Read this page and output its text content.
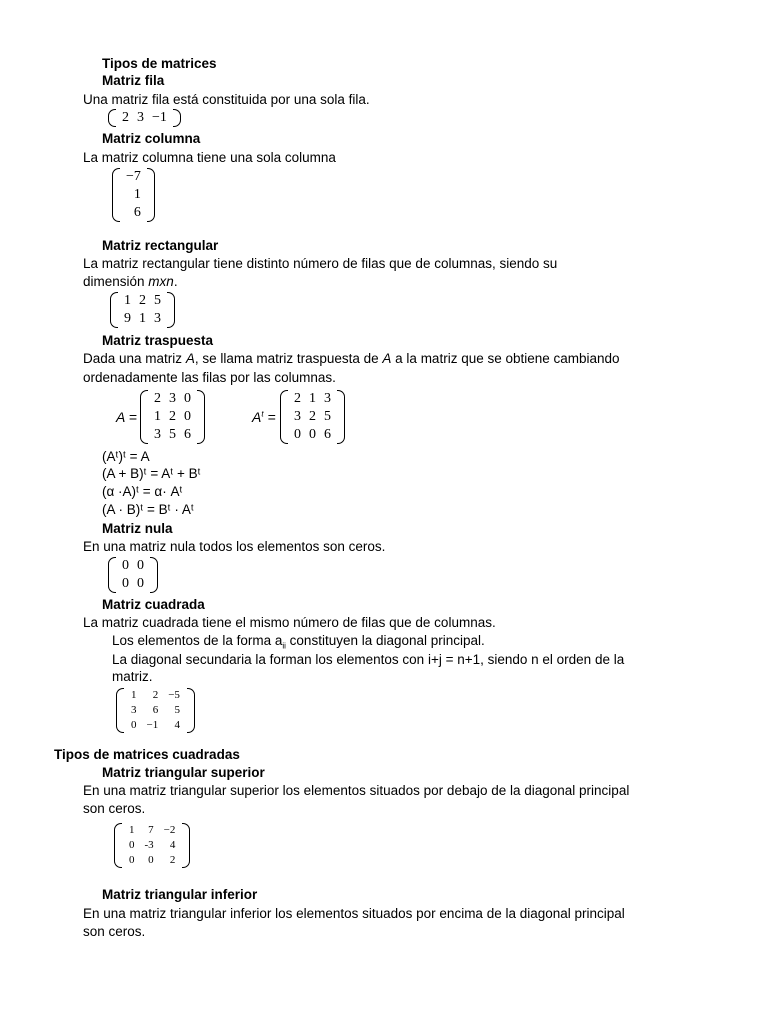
Tipos de matrices
Matriz fila
Una matriz fila está constituida por una sola fila.
2	3	−1
Matriz columna
La matriz columna tiene una sola columna
−7
1
6
Matriz rectangular
La matriz rectangular tiene distinto número de filas que de columnas, siendo su
dimensión mxn.
1	2	5
9	1	3
Matriz traspuesta
Dada una matriz A, se llama matriz traspuesta de A a la matriz que se obtiene cambiando
ordenadamente las filas por las columnas.
A =
2	3	0
1	2	0
3	5	6
$A^t$ =
2	1	3
3	2	5
0	0	6
(Aᵗ)ᵗ = A
(A + B)ᵗ = Aᵗ + Bᵗ
(α ·A)ᵗ = α· Aᵗ
(A · B)ᵗ = Bᵗ · Aᵗ
Matriz nula
En una matriz nula todos los elementos son ceros.
0	0
0	0
Matriz cuadrada
La matriz cuadrada tiene el mismo número de filas que de columnas.
Los elementos de la forma $a_{ii}$ constituyen la diagonal principal.
La diagonal secundaria la forman los elementos con i+j = n+1, siendo n el orden de la
matriz.
1	2	−5
3	6	5
0	−1	4
Tipos de matrices cuadradas
Matriz triangular superior
En una matriz triangular superior los elementos situados por debajo de la diagonal principal
son ceros.
1	7	−2
0	-3	4
0	0	2
Matriz triangular inferior
En una matriz triangular inferior los elementos situados por encima de la diagonal principal
son ceros.
